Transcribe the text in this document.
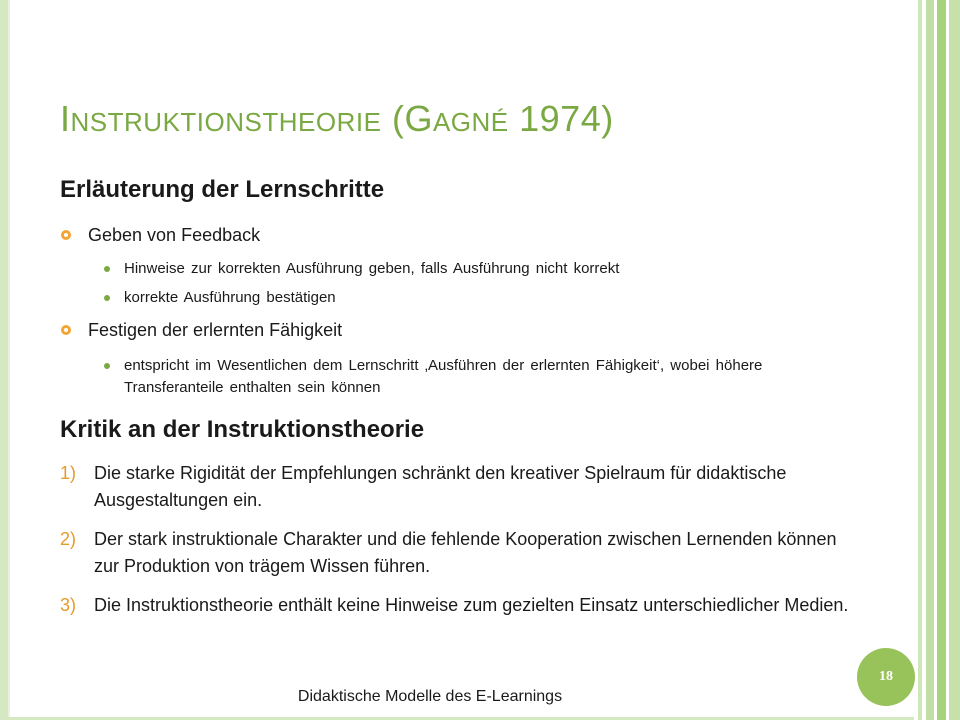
INSTRUKTIONSTHEORIE (GAGNÉ 1974)
Erläuterung der Lernschritte
Geben von Feedback
Hinweise zur korrekten Ausführung geben, falls Ausführung nicht korrekt
korrekte Ausführung bestätigen
Festigen der erlernten Fähigkeit
entspricht im Wesentlichen dem Lernschritt ‚Ausführen der erlernten Fähigkeit‘, wobei höhere Transferanteile enthalten sein können
Kritik an der Instruktionstheorie
1) Die starke Rigidität der Empfehlungen schränkt den kreativer Spielraum für didaktische Ausgestaltungen ein.
2) Der stark instruktionale Charakter und die fehlende Kooperation zwischen Lernenden können zur Produktion von trägem Wissen führen.
3) Die Instruktionstheorie enthält keine Hinweise zum gezielten Einsatz unterschiedlicher Medien.
Didaktische Modelle des E-Learnings
18
